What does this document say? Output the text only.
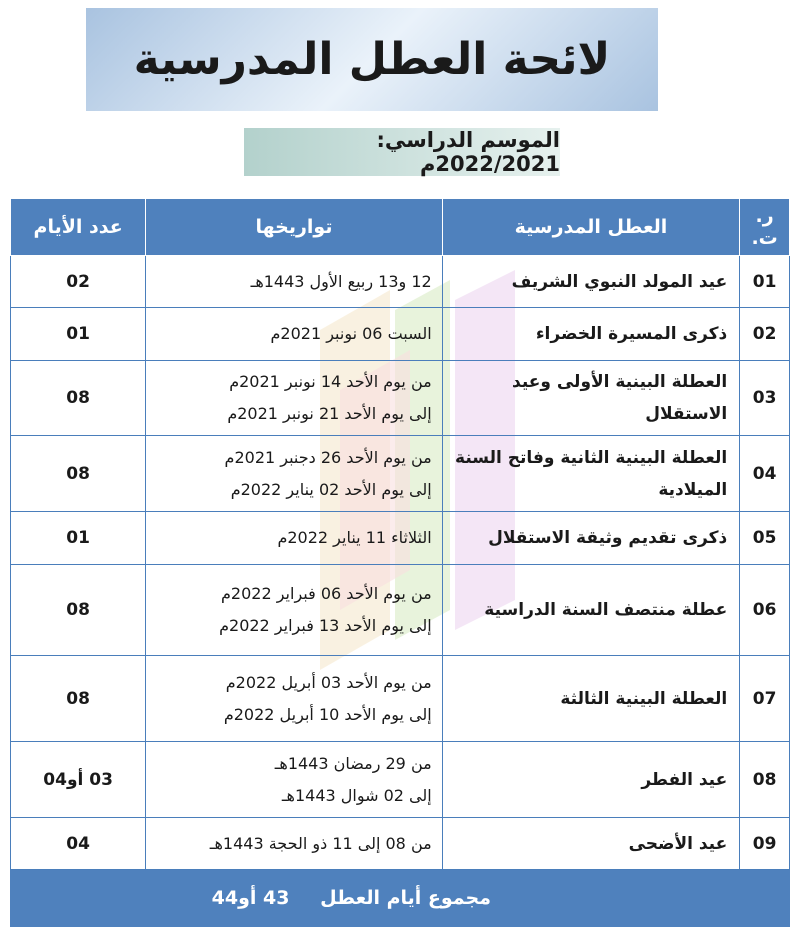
لائحة العطل المدرسية
الموسم الدراسي: 2022/2021م
ر. ت.	العطل المدرسية	تواريخها	عدد الأيام
01	عيد المولد النبوي الشريف	12 و13 ربيع الأول 1443هـ	02
02	ذكرى المسيرة الخضراء	السبت 06 نونبر 2021م	01
03	العطلة البينية الأولى وعيد الاستقلال	من يوم الأحد 14 نونبر 2021م
إلى يوم الأحد 21 نونبر 2021م	08
04	العطلة البينية الثانية وفاتح السنة الميلادية	من يوم الأحد 26 دجنبر 2021م
إلى يوم الأحد 02 يناير 2022م	08
05	ذكرى تقديم وثيقة الاستقلال	الثلاثاء 11 يناير 2022م	01
06	عطلة منتصف السنة الدراسية	من يوم الأحد 06 فبراير 2022م
إلى يوم الأحد 13 فبراير 2022م	08
07	العطلة البينية الثالثة	من يوم الأحد 03 أبريل 2022م
إلى يوم الأحد 10 أبريل 2022م	08
08	عيد الفطر	من 29 رمضان 1443هـ
إلى 02 شوال 1443هـ	03 أو04
09	عيد الأضحى	من 08 إلى 11 ذو الحجة 1443هـ	04
مجموع أيام العطل 43 أو44			
